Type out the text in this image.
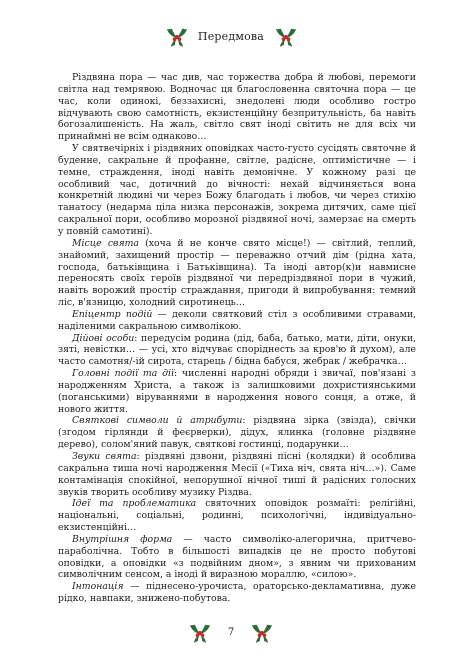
Передмова

Різдвяна пора — час див, час торжества добра й любові, перемоги світла над темрявою. Водночас ця благословенна святочна пора — це час, коли одинокі, беззахисні, знедолені люди особливо гостро відчувають свою самотність, екзистенційну безпритульність, ба навіть богозалишеність. На жаль, світло свят іноді світить не для всіх чи принаймні не всім однаково…

У святвечірніх і різдвяних оповідках часто-густо сусідять святочне й буденне, сакральне й профанне, світле, радісне, оптимістичне — і темне, страждення, іноді навіть демонічне. У кожному разі це особливий час, дотичний до вічності: нехай відчиняється вона конкретній людині чи через Божу благодать і любов, чи через стихію танатосу (недарма ціла низка персонажів, зокрема дитячих, саме цієї сакральної пори, особливо морозної різдвяної ночі, замерзає на смерть у повній самотині).

Місце свята (хоча й не конче свято місце!) — світлий, теплий, знайомий, захищений простір — переважно отчий дім (рідна хата, господа, батьківщина і Батьківщина). Та іноді автор(к)и навмисне переносять своїх героїв різдвяної чи передріздвяної пори в чужий, навіть ворожий простір страждання, пригоди й випробування: темний ліс, в'язницю, холодний сиротинець…

Епіцентр подій — деколи святковий стіл з особливими стравами, наділеними сакральною символікою.

Дійові особи: передусім родина (дід, баба, батько, мати, діти, онуки, зяті, невістки… — усі, хто відчуває споріднесть за кров'ю й духом), але часто самотня/-ій сирота, старець / бідна бабуся, жебрак / жебрачка…

Головні події та дії: численні народні обряди і звичаї, пов'язані з народженням Христа, а також із залишковими дохристиянськими (поганськими) віруваннями в народження нового сонця, а отже, й нового життя.

Святкові символи й атрибути: різдвяна зірка (звізда), свічки (згодом гірлянди й феєрверки), дідух, ялинка (головне різдвяне дерево), солом'яний павук, святкові гостинці, подарунки…

Звуки свята: різдвяні дзвони, різдвяні пісні (колядки) й особлива сакральна тиша ночі народження Месії («Тиха ніч, свята ніч…»). Саме контамінація спокійної, непорушної нічної тиші й радісних голосних звуків творить особливу музику Різдва.

Ідеї та проблематика святочних оповідок розмаїті: релігійні, національні, соціальні, родинні, психологічні, індивідуально-екзистенційні…

Внутрішня форма — часто символіко-алегорична, притчево-параболічна. Тобто в більшості випадків це не просто побутові оповідки, а оповідки «з подвійним дном», з явним чи прихованим символічним сенсом, а іноді й виразною мораллю, «силою».

Інтонація — піднесено-урочиста, ораторсько-декламативна, дуже рідко, навпаки, знижено-побутова.

7
